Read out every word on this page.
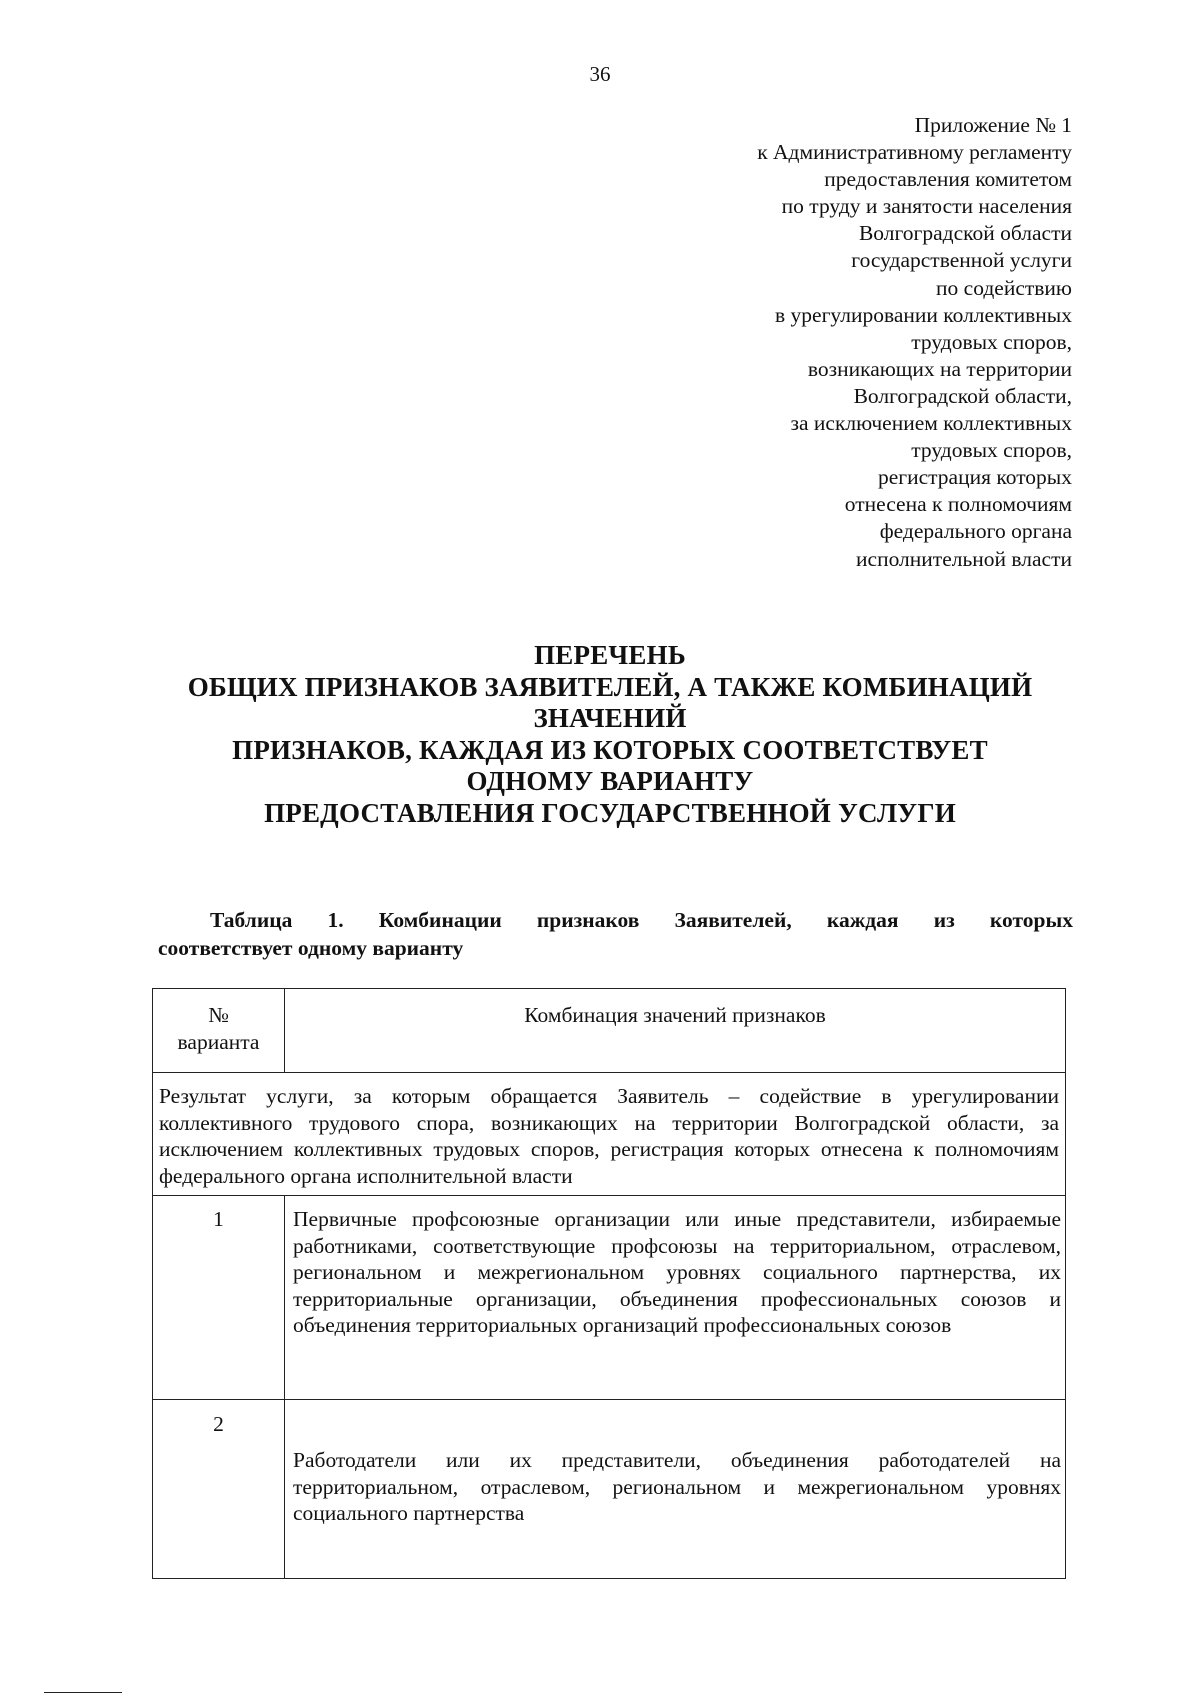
36
Приложение № 1
к Административному регламенту
предоставления комитетом
по труду и занятости населения
Волгоградской области
государственной услуги
по содействию
в урегулировании коллективных
трудовых споров,
возникающих на территории
Волгоградской области,
за исключением коллективных
трудовых споров,
регистрация которых
отнесена к полномочиям
федерального органа
исполнительной власти
ПЕРЕЧЕНЬ
ОБЩИХ ПРИЗНАКОВ ЗАЯВИТЕЛЕЙ, А ТАКЖЕ КОМБИНАЦИЙ
ЗНАЧЕНИЙ
ПРИЗНАКОВ, КАЖДАЯ ИЗ КОТОРЫХ СООТВЕТСТВУЕТ
ОДНОМУ ВАРИАНТУ
ПРЕДОСТАВЛЕНИЯ ГОСУДАРСТВЕННОЙ УСЛУГИ
Таблица 1. Комбинации признаков Заявителей, каждая из которых
соответствует одному варианту
№
варианта	Комбинация значений признаков
Результат услуги, за которым обращается Заявитель – содействие в урегулировании коллективного трудового спора, возникающих на территории Волгоградской области, за исключением коллективных трудовых споров, регистрация которых отнесена к полномочиям федерального органа исполнительной власти	
1	Первичные профсоюзные организации или иные представители, избираемые работниками, соответствующие профсоюзы на территориальном, отраслевом, региональном и межрегиональном уровнях социального партнерства, их территориальные организации, объединения профессиональных союзов и объединения территориальных организаций профессиональных союзов
2	Работодатели или их представители, объединения работодателей на территориальном, отраслевом, региональном и межрегиональном уровнях социального партнерства
